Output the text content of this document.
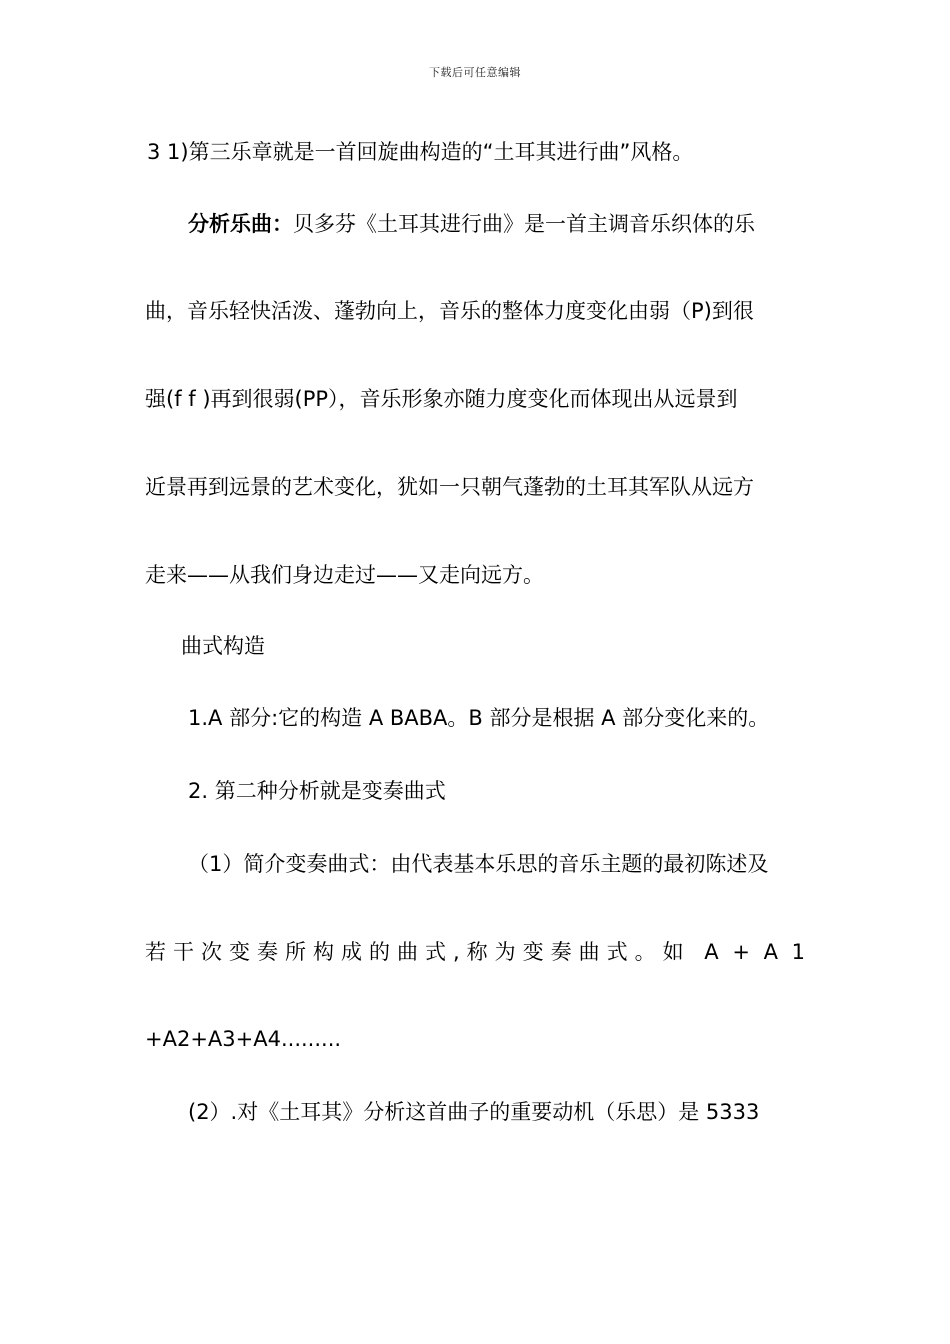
下载后可任意编辑
3 1)第三乐章就是一首回旋曲构造的“土耳其进行曲”风格。
分析乐曲：贝多芬《土耳其进行曲》是一首主调音乐织体的乐
曲，音乐轻快活泼、蓬勃向上，音乐的整体力度变化由弱（P)到很
强(f f )再到很弱(PP），音乐形象亦随力度变化而体现出从远景到
近景再到远景的艺术变化，犹如一只朝气蓬勃的土耳其军队从远方
走来——从我们身边走过——又走向远方。
曲式构造
1.A 部分:它的构造 A BABA。B 部分是根据 A 部分变化来的。
2. 第二种分析就是变奏曲式
（1）简介变奏曲式：由代表基本乐思的音乐主题的最初陈述及
若干次变奏所构成的曲式,称为变奏曲式。如 A + A 1
+A2+A3+A4.........
(2）.对《土耳其》分析这首曲子的重要动机（乐思）是 5333
